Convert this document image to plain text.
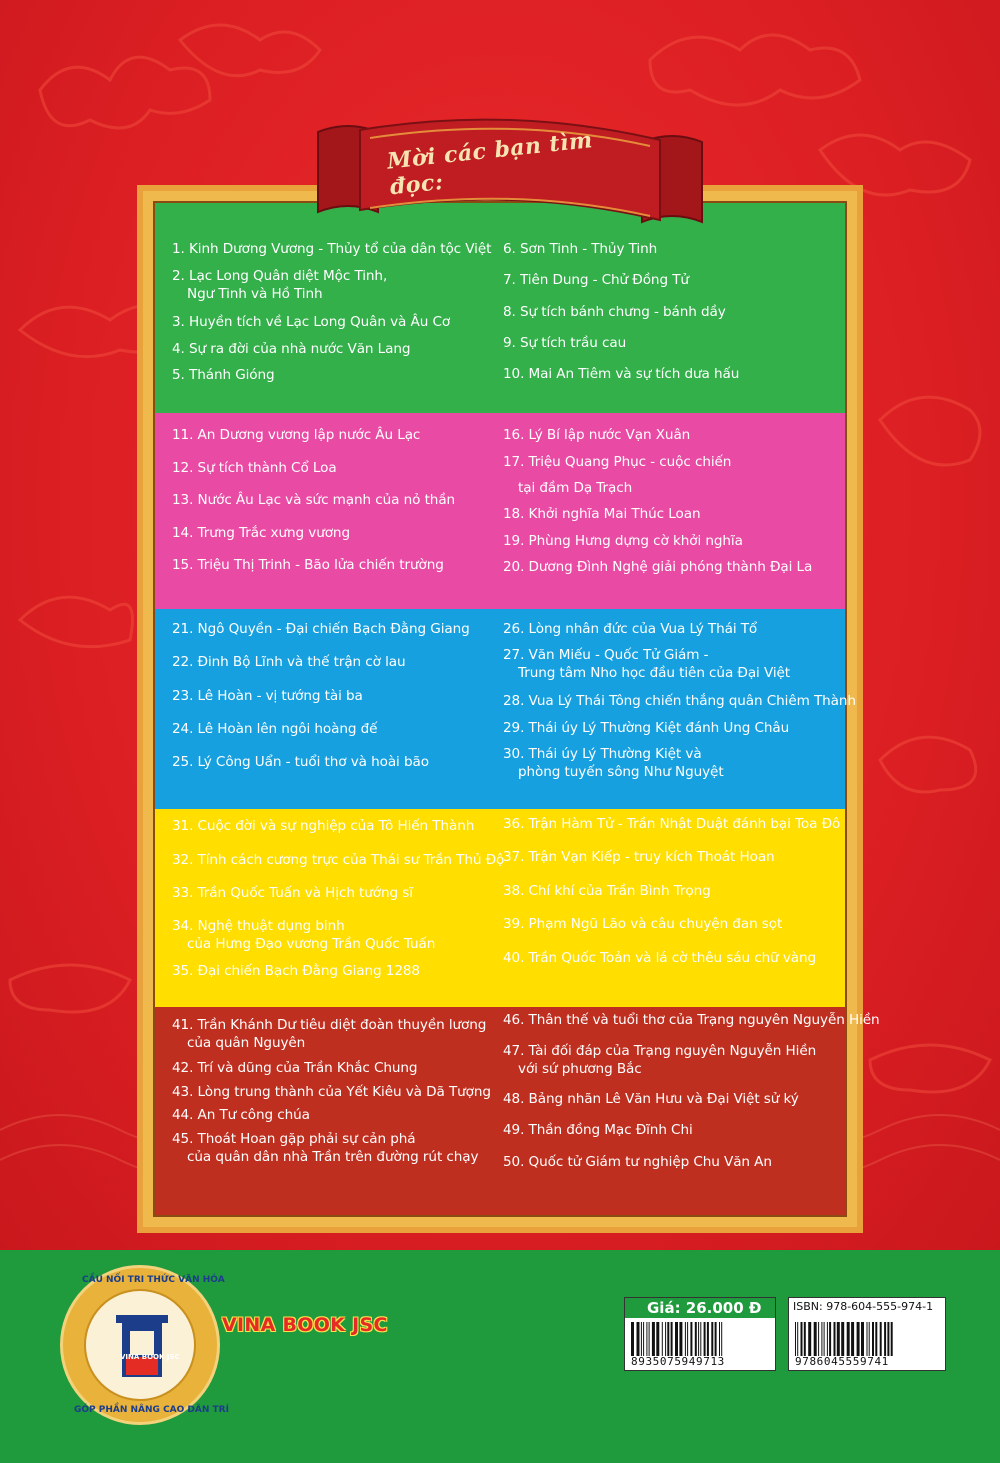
Mời các bạn tìm đọc:
1. Kinh Dương Vương - Thủy tổ của dân tộc Việt
2. Lạc Long Quân diệt Mộc Tinh,
Ngư Tinh và Hồ Tinh
3. Huyền tích về Lạc Long Quân và Âu Cơ
4. Sự ra đời của nhà nước Văn Lang
5. Thánh Gióng
6. Sơn Tinh - Thủy Tinh
7. Tiên Dung - Chử Đồng Tử
8. Sự tích bánh chưng - bánh dầy
9. Sự tích trầu cau
10. Mai An Tiêm và sự tích dưa hấu
11. An Dương vương lập nước Âu Lạc
12. Sự tích thành Cổ Loa
13. Nước Âu Lạc và sức mạnh của nỏ thần
14. Trưng Trắc xưng vương
15. Triệu Thị Trinh - Bão lửa chiến trường
16. Lý Bí lập nước Vạn Xuân
17. Triệu Quang Phục - cuộc chiến
tại đầm Dạ Trạch
18. Khởi nghĩa Mai Thúc Loan
19. Phùng Hưng dựng cờ khởi nghĩa
20. Dương Đình Nghệ giải phóng thành Đại La
21. Ngô Quyền - Đại chiến Bạch Đằng Giang
22. Đinh Bộ Lĩnh và thế trận cờ lau
23. Lê Hoàn - vị tướng tài ba
24. Lê Hoàn lên ngôi hoàng đế
25. Lý Công Uẩn - tuổi thơ và hoài bão
26. Lòng nhân đức của Vua Lý Thái Tổ
27. Văn Miếu - Quốc Tử Giám -
Trung tâm Nho học đầu tiên của Đại Việt
28. Vua Lý Thái Tông chiến thắng quân Chiêm Thành
29. Thái úy Lý Thường Kiệt đánh Ung Châu
30. Thái úy Lý Thường Kiệt và
phòng tuyến sông Như Nguyệt
31. Cuộc đời và sự nghiệp của Tô Hiến Thành
32. Tính cách cương trực của Thái sư Trần Thủ Độ
33. Trần Quốc Tuấn và Hịch tướng sĩ
34. Nghệ thuật dụng binh
của Hưng Đạo vương Trần Quốc Tuấn
35. Đại chiến Bạch Đằng Giang 1288
36. Trận Hàm Tử - Trần Nhật Duật đánh bại Toa Đô
37. Trận Vạn Kiếp - truy kích Thoát Hoan
38. Chí khí của Trần Bình Trọng
39. Phạm Ngũ Lão và câu chuyện đan sọt
40. Trần Quốc Toản và lá cờ thêu sáu chữ vàng
41. Trần Khánh Dư tiêu diệt đoàn thuyền lương
của quân Nguyên
42. Trí và dũng của Trần Khắc Chung
43. Lòng trung thành của Yết Kiêu và Dã Tượng
44. An Tư công chúa
45. Thoát Hoan gặp phải sự cản phá
của quân dân nhà Trần trên đường rút chạy
46. Thân thế và tuổi thơ của Trạng nguyên Nguyễn Hiền
47. Tài đối đáp của Trạng nguyên Nguyễn Hiền
với sứ phương Bắc
48. Bảng nhãn Lê Văn Hưu và Đại Việt sử ký
49. Thần đồng Mạc Đĩnh Chi
50. Quốc tử Giám tư nghiệp Chu Văn An
CẦU NỐI TRI THỨC VĂN HÓA
GÓP PHẦN NÂNG CAO DÂN TRÍ
VINA BOOK JSC
VINA BOOK JSC
Giá: 26.000 Đ
8935075949713
ISBN: 978-604-555-974-1
9786045559741
